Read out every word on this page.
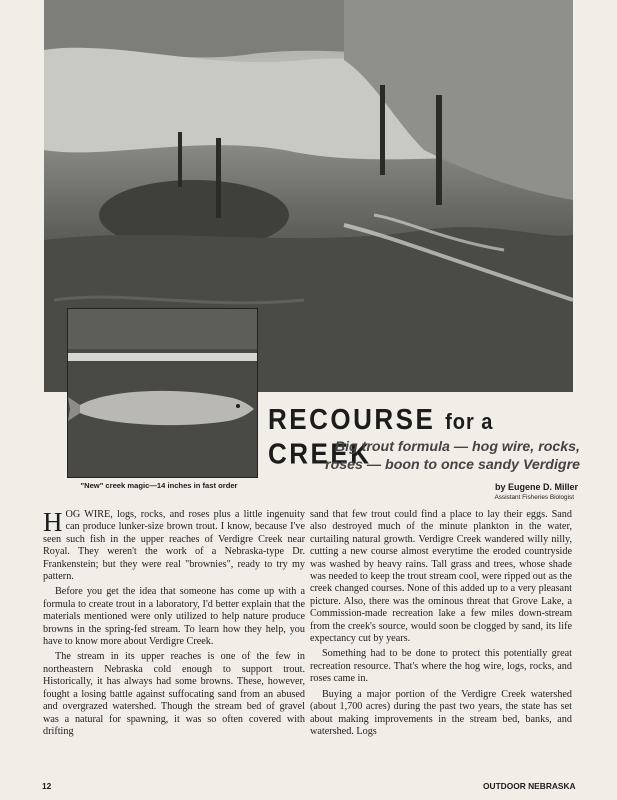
"New" creek magic—14 inches in fast order
RECOURSE for a CREEK
Big trout formula — hog wire, rocks, roses — boon to once sandy Verdigre
by Eugene D. Miller
Assistant Fisheries Biologist

HOG WIRE, logs, rocks, and roses plus a little ingenuity can produce lunker-size brown trout. I know, because I've seen such fish in the upper reaches of Verdigre Creek near Royal. They weren't the work of a Nebraska-type Dr. Frankenstein; but they were real "brownies", ready to try my pattern.

Before you get the idea that someone has come up with a formula to create trout in a laboratory, I'd better explain that the materials mentioned were only utilized to help nature produce browns in the spring-fed stream. To learn how they help, you have to know more about Verdigre Creek.

The stream in its upper reaches is one of the few in northeastern Nebraska cold enough to support trout. Historically, it has always had some browns. These, however, fought a losing battle against suffocating sand from an abused and overgrazed watershed. Though the stream bed of gravel was a natural for spawning, it was so often covered with drifting

sand that few trout could find a place to lay their eggs. Sand also destroyed much of the minute plankton in the water, curtailing natural growth. Verdigre Creek wandered willy nilly, cutting a new course almost everytime the eroded countryside was washed by heavy rains. Tall grass and trees, whose shade was needed to keep the trout stream cool, were ripped out as the creek changed courses. None of this added up to a very pleasant picture. Also, there was the ominous threat that Grove Lake, a Commission-made recreation lake a few miles down-stream from the creek's source, would soon be clogged by sand, its life expectancy cut by years.

Something had to be done to protect this potentially great recreation resource. That's where the hog wire, logs, rocks, and roses came in.

Buying a major portion of the Verdigre Creek watershed (about 1,700 acres) during the past two years, the state has set about making improvements in the stream bed, banks, and watershed. Logs

12	OUTDOOR NEBRASKA
